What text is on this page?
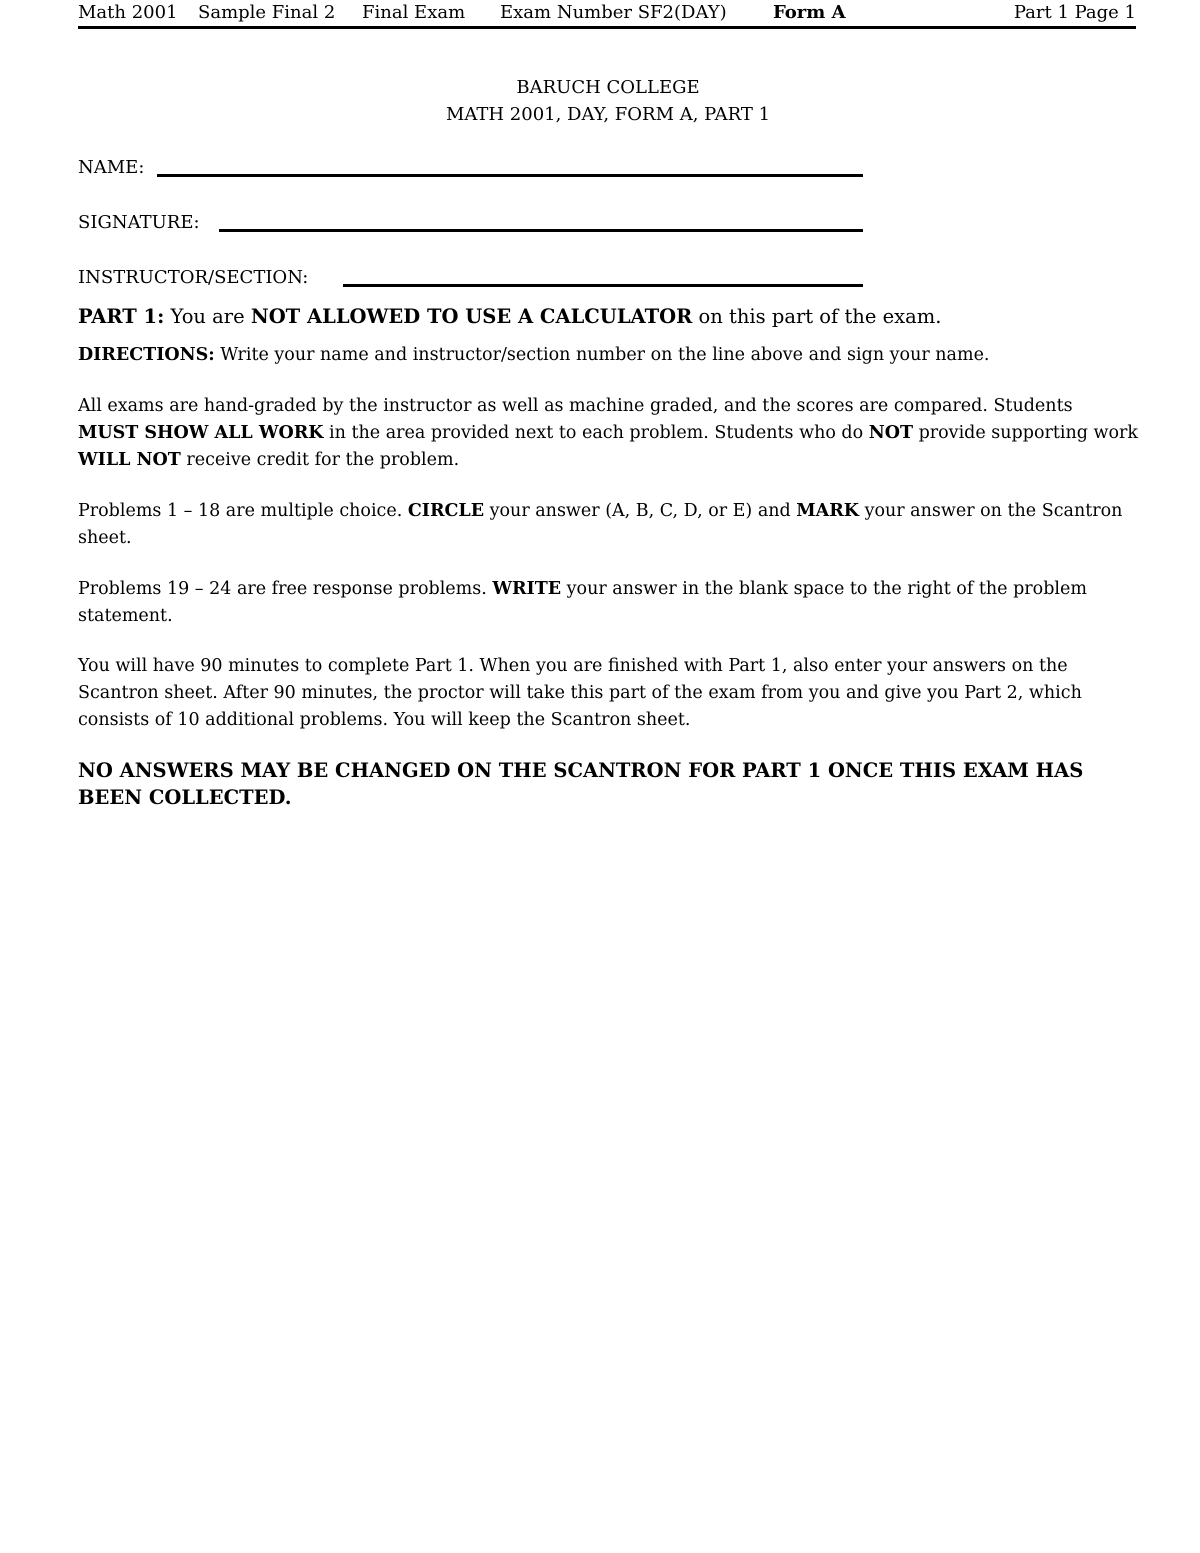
Math 2001 Sample Final 2 Final Exam Exam Number SF2(DAY)	Form A	Part 1 Page 1
BARUCH COLLEGE
MATH 2001, DAY, FORM A, PART 1
NAME:
SIGNATURE:
INSTRUCTOR/SECTION:
PART 1: You are NOT ALLOWED TO USE A CALCULATOR on this part of the exam.
DIRECTIONS: Write your name and instructor/section number on the line above and sign your name.
All exams are hand-graded by the instructor as well as machine graded, and the scores are compared. Students MUST SHOW ALL WORK in the area provided next to each problem. Students who do NOT provide supporting work WILL NOT receive credit for the problem.
Problems 1 – 18 are multiple choice. CIRCLE your answer (A, B, C, D, or E) and MARK your answer on the Scantron sheet.
Problems 19 – 24 are free response problems. WRITE your answer in the blank space to the right of the problem statement.
You will have 90 minutes to complete Part 1. When you are finished with Part 1, also enter your answers on the Scantron sheet. After 90 minutes, the proctor will take this part of the exam from you and give you Part 2, which consists of 10 additional problems. You will keep the Scantron sheet.
NO ANSWERS MAY BE CHANGED ON THE SCANTRON FOR PART 1 ONCE THIS EXAM HAS BEEN COLLECTED.
